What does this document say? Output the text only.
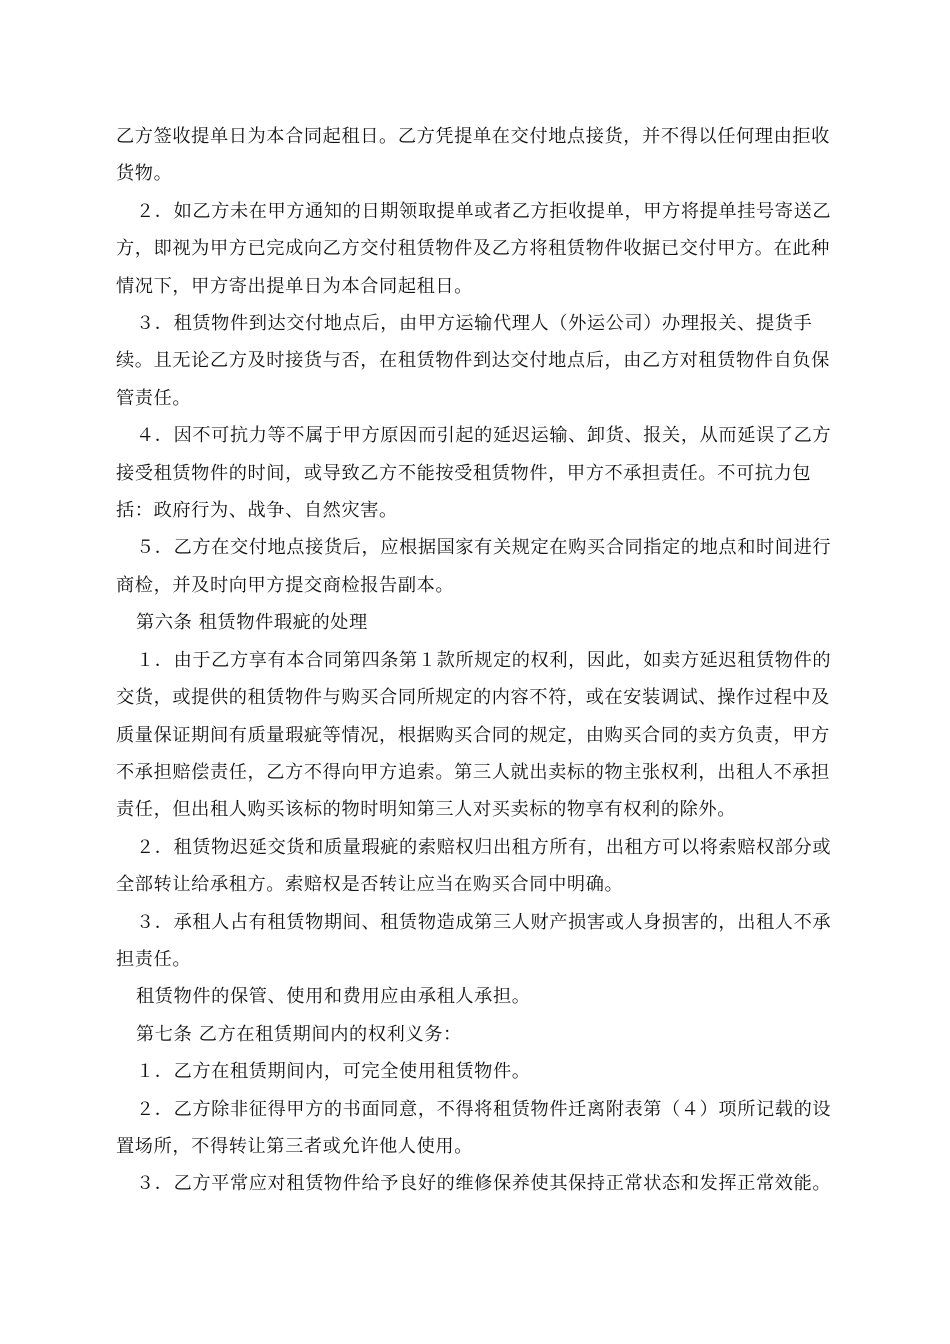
乙方签收提单日为本合同起租日。乙方凭提单在交付地点接货，并不得以任何理由拒收货物。

２．如乙方未在甲方通知的日期领取提单或者乙方拒收提单，甲方将提单挂号寄送乙方，即视为甲方已完成向乙方交付租赁物件及乙方将租赁物件收据已交付甲方。在此种情况下，甲方寄出提单日为本合同起租日。

３．租赁物件到达交付地点后，由甲方运输代理人（外运公司）办理报关、提货手续。且无论乙方及时接货与否，在租赁物件到达交付地点后，由乙方对租赁物件自负保管责任。

４．因不可抗力等不属于甲方原因而引起的延迟运输、卸货、报关，从而延误了乙方接受租赁物件的时间，或导致乙方不能按受租赁物件，甲方不承担责任。不可抗力包括：政府行为、战争、自然灾害。

５．乙方在交付地点接货后，应根据国家有关规定在购买合同指定的地点和时间进行商检，并及时向甲方提交商检报告副本。

第六条 租赁物件瑕疵的处理

１．由于乙方享有本合同第四条第１款所规定的权利，因此，如卖方延迟租赁物件的交货，或提供的租赁物件与购买合同所规定的内容不符，或在安装调试、操作过程中及质量保证期间有质量瑕疵等情况，根据购买合同的规定，由购买合同的卖方负责，甲方不承担赔偿责任，乙方不得向甲方追索。第三人就出卖标的物主张权利，出租人不承担责任，但出租人购买该标的物时明知第三人对买卖标的物享有权利的除外。

２．租赁物迟延交货和质量瑕疵的索赔权归出租方所有，出租方可以将索赔权部分或全部转让给承租方。索赔权是否转让应当在购买合同中明确。

３．承租人占有租赁物期间、租赁物造成第三人财产损害或人身损害的，出租人不承担责任。

租赁物件的保管、使用和费用应由承租人承担。

第七条 乙方在租赁期间内的权利义务：

１．乙方在租赁期间内，可完全使用租赁物件。

２．乙方除非征得甲方的书面同意，不得将租赁物件迁离附表第（４）项所记载的设置场所，不得转让第三者或允许他人使用。

３．乙方平常应对租赁物件给予良好的维修保养使其保持正常状态和发挥正常效能。
